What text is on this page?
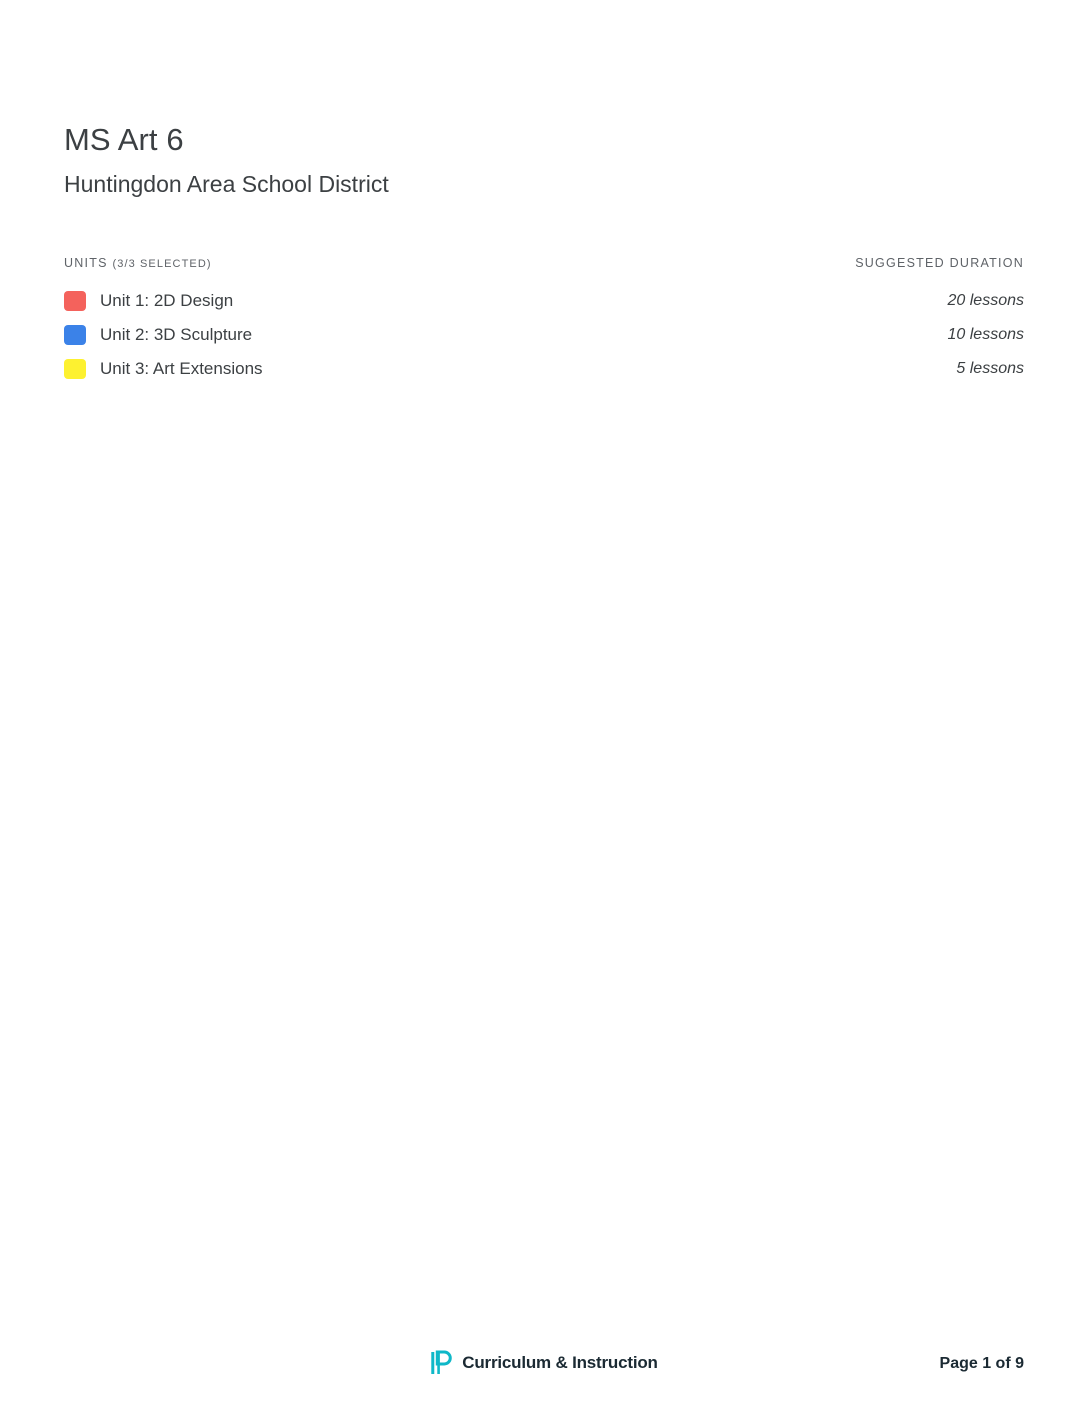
MS Art 6
Huntingdon Area School District
UNITS (3/3 SELECTED)	SUGGESTED DURATION
Unit 1: 2D Design	20 lessons
Unit 2: 3D Sculpture	10 lessons
Unit 3: Art Extensions	5 lessons
Curriculum & Instruction	Page 1 of 9
